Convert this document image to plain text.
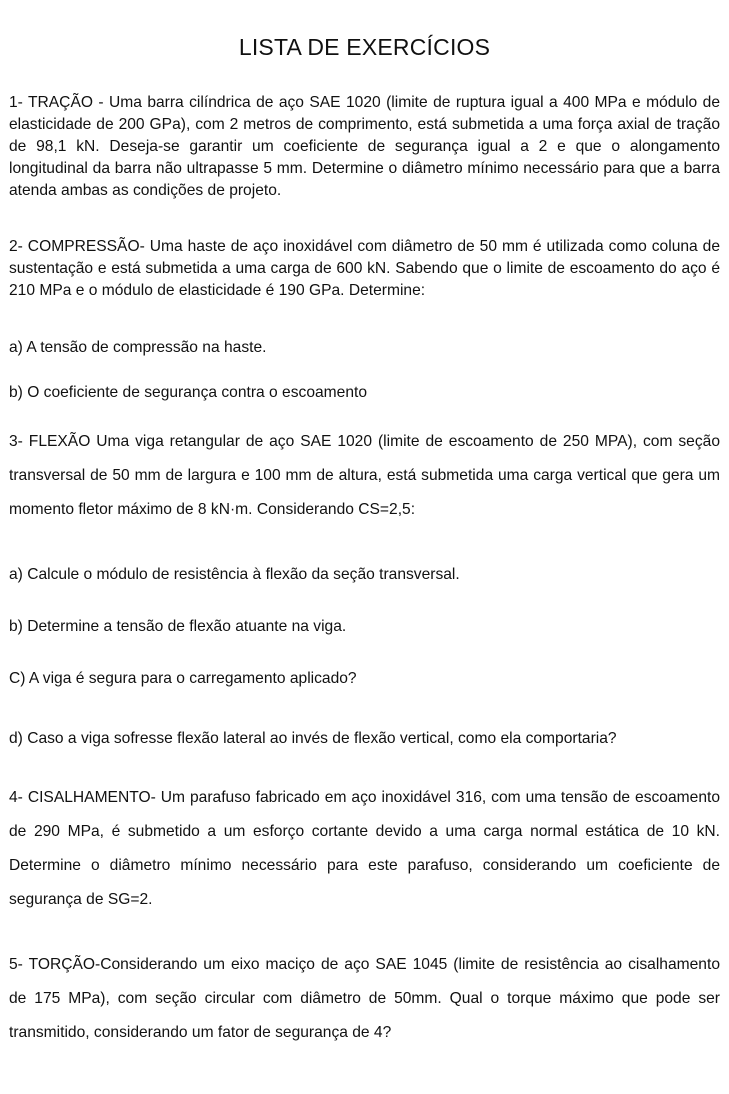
LISTA DE EXERCÍCIOS

1- TRAÇÃO - Uma barra cilíndrica de aço SAE 1020 (limite de ruptura igual a 400 MPa e módulo de elasticidade de 200 GPa), com 2 metros de comprimento, está submetida a uma força axial de tração de 98,1 kN. Deseja-se garantir um coeficiente de segurança igual a 2 e que o alongamento longitudinal da barra não ultrapasse 5 mm. Determine o diâmetro mínimo necessário para que a barra atenda ambas as condições de projeto.

2- COMPRESSÃO- Uma haste de aço inoxidável com diâmetro de 50 mm é utilizada como coluna de sustentação e está submetida a uma carga de 600 kN. Sabendo que o limite de escoamento do aço é 210 MPa e o módulo de elasticidade é 190 GPa. Determine:

a) A tensão de compressão na haste.

b) O coeficiente de segurança contra o escoamento

3- FLEXÃO Uma viga retangular de aço SAE 1020 (limite de escoamento de 250 MPA), com seção transversal de 50 mm de largura e 100 mm de altura, está submetida uma carga vertical que gera um momento fletor máximo de 8 kN·m. Considerando CS=2,5:

a) Calcule o módulo de resistência à flexão da seção transversal.

b) Determine a tensão de flexão atuante na viga.

C) A viga é segura para o carregamento aplicado?

d) Caso a viga sofresse flexão lateral ao invés de flexão vertical, como ela comportaria?

4- CISALHAMENTO- Um parafuso fabricado em aço inoxidável 316, com uma tensão de escoamento de 290 MPa, é submetido a um esforço cortante devido a uma carga normal estática de 10 kN. Determine o diâmetro mínimo necessário para este parafuso, considerando um coeficiente de segurança de SG=2.

5- TORÇÃO-Considerando um eixo maciço de aço SAE 1045 (limite de resistência ao cisalhamento de 175 MPa), com seção circular com diâmetro de 50mm. Qual o torque máximo que pode ser transmitido, considerando um fator de segurança de 4?
